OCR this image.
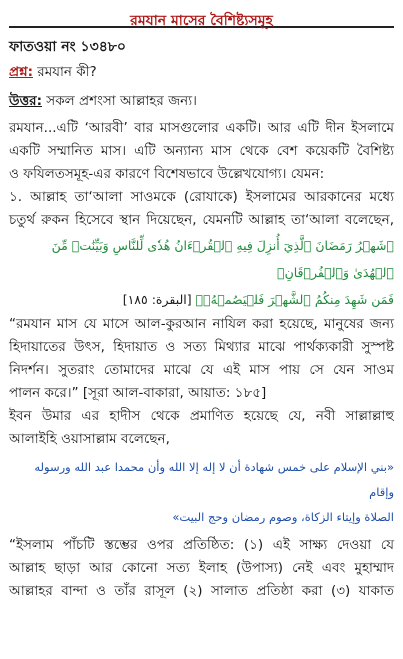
রমযান মাসের বৈশিষ্ট্যসমূহ
ফাতওয়া নং ১৩৪৮০
প্রশ্ন: রমযান কী?
উত্তর: সকল প্রশংসা আল্লাহর জন্য।
রমযান...এটি ‘আরবী’ বার মাসগুলোর একটি। আর এটি দীন ইসলামে
একটি সম্মানিত মাস। এটি অন্যান্য মাস থেকে বেশ কয়েকটি বৈশিষ্ট্য
ও ফযিলতসমূহ-এর কারণে বিশেষভাবে উল্লেখযোগ্য। যেমন:
১. আল্লাহ তা‘আলা সাওমকে (রোযাকে) ইসলামের আরকানের মধ্যে
চতুর্থ রুকন হিসেবে স্থান দিয়েছেন, যেমনটি আল্লাহ তা‘আলা বলেছেন,
﴿شَهۡرُ رَمَضَانَ ٱلَّذِيٓ أُنزِلَ فِيهِ ٱلۡقُرۡءَانُ هُدٗى لِّلنَّاسِ وَبَيِّنَٰتٖ مِّنَ ٱلۡهُدَىٰ وَٱلۡفُرۡقَانِۚ
فَمَن شَهِدَ مِنكُمُ ٱلشَّهۡرَ فَلۡيَصُمۡهُۖ﴾ [البقرة: ١٨٥]
“রমযান মাস যে মাসে আল-কুরআন নাযিল করা হয়েছে, মানুষের জন্য
হিদায়াতের উৎস, হিদায়াত ও সত্য মিথ্যার মাঝে পার্থক্যকারী সুস্পষ্ট
নিদর্শন। সুতরাং তোমাদের মাঝে যে এই মাস পায় সে যেন সাওম
পালন করে।” [সূরা আল-বাকারা, আয়াত: ১৮৫]
ইবন উমার এর হাদীস থেকে প্রমাণিত হয়েছে যে, নবী সাল্লাল্লাহু
আলাইহি ওয়াসাল্লাম বলেছেন,
«بني الإسلام على خمس شهادة أن لا إله إلا الله وأن محمدا عبد الله ورسوله وإقام
الصلاة وإيتاء الزكاة، وصوم رمضان وحج البيت»
“ইসলাম পাঁচটি স্তম্ভের ওপর প্রতিষ্ঠিত: (১) এই সাক্ষ্য দেওয়া যে
আল্লাহ ছাড়া আর কোনো সত্য ইলাহ (উপাস্য) নেই এবং মুহাম্মাদ
আল্লাহর বান্দা ও তাঁর রাসূল (২) সালাত প্রতিষ্ঠা করা (৩) যাকাত
